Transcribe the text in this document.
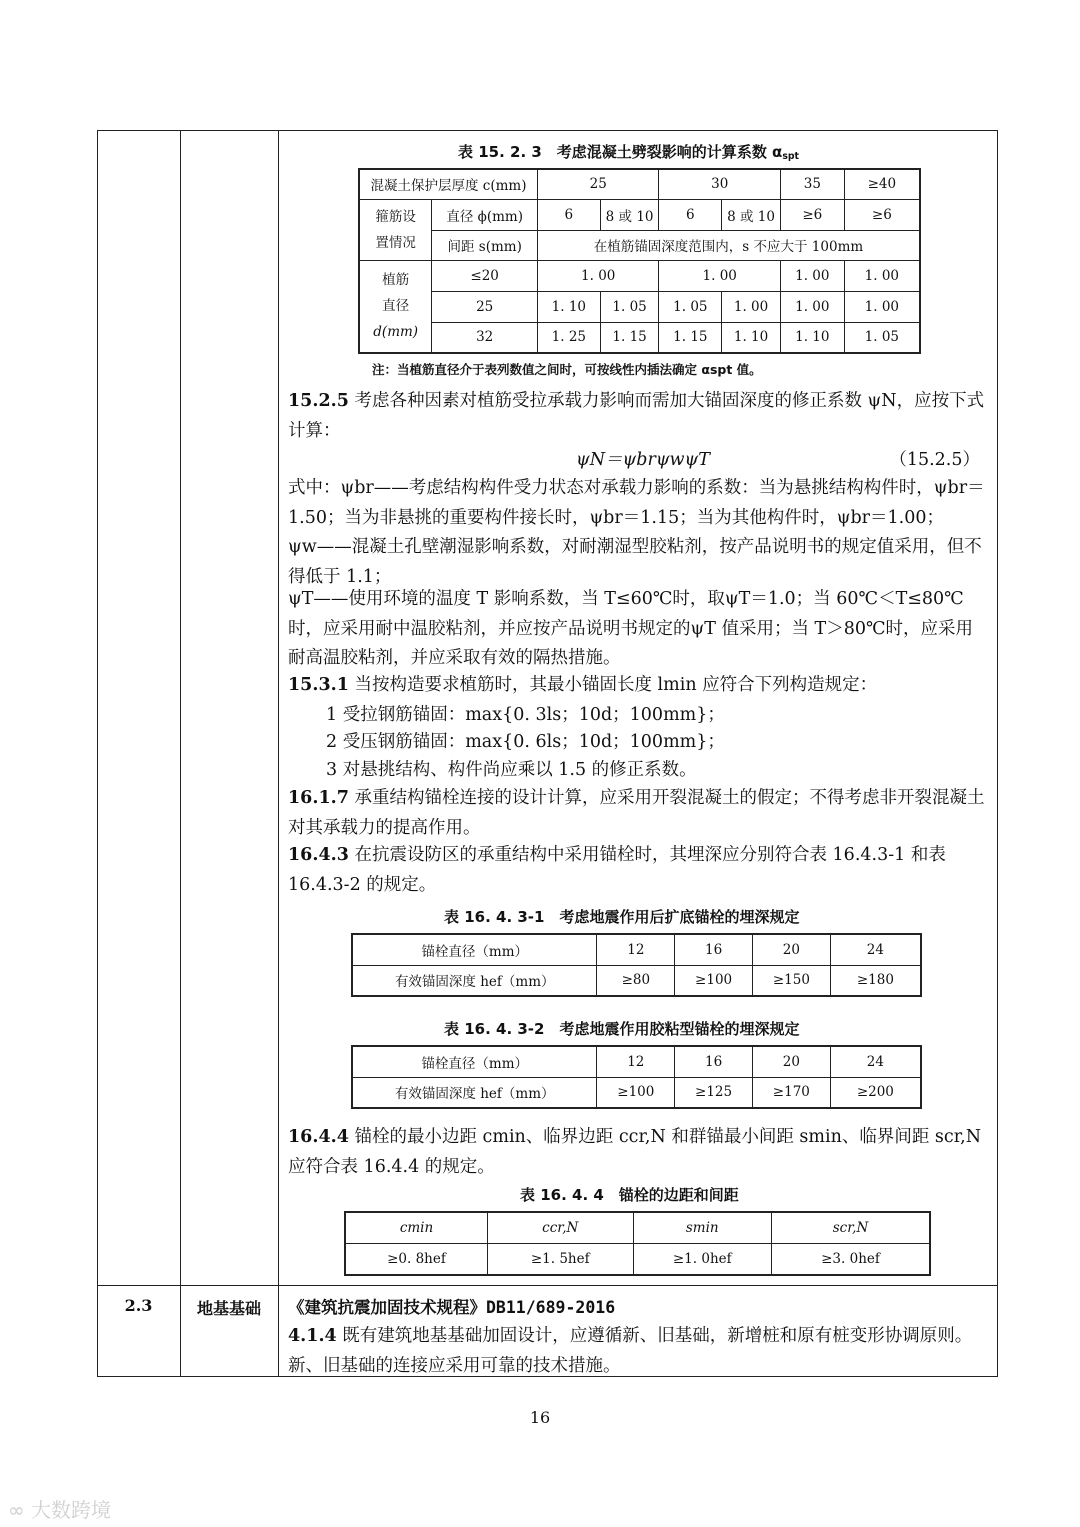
表 15. 2. 3　考虑混凝土劈裂影响的计算系数 αspt
混凝土保护层厚度 c(mm)		25		30		35	≥40
箍筋设
置情况	直径 ϕ(mm)	6	8 或 10	6	8 或 10	≥6	≥6
	间距 s(mm)	在植筋锚固深度范围内，s 不应大于 100mm					
植筋
直径
d(mm)	≤20	1. 00		1. 00		1. 00	1. 00
	25	1. 10	1. 05	1. 05	1. 00	1. 00	1. 00
	32	1. 25	1. 15	1. 15	1. 10	1. 10	1. 05
注：当植筋直径介于表列数值之间时，可按线性内插法确定 αspt 值。
15.2.5 考虑各种因素对植筋受拉承载力影响而需加大锚固深度的修正系数 ψN，应按下式计算：
ψN＝ψbrψwψT	（15.2.5）
式中：ψbr——考虑结构构件受力状态对承载力影响的系数：当为悬挑结构构件时，ψbr＝1.50；当为非悬挑的重要构件接长时，ψbr＝1.15；当为其他构件时，ψbr＝1.00；
ψw——混凝土孔壁潮湿影响系数，对耐潮湿型胶粘剂，按产品说明书的规定值采用，但不得低于 1.1；
ψT——使用环境的温度 T 影响系数，当 T≤60℃时，取ψT＝1.0；当 60℃＜T≤80℃时，应采用耐中温胶粘剂，并应按产品说明书规定的ψT 值采用；当 T＞80℃时，应采用耐高温胶粘剂，并应采取有效的隔热措施。
15.3.1 当按构造要求植筋时，其最小锚固长度 lmin 应符合下列构造规定：
1 受拉钢筋锚固：max{0. 3ls；10d；100mm}；
2 受压钢筋锚固：max{0. 6ls；10d；100mm}；
3 对悬挑结构、构件尚应乘以 1.5 的修正系数。
16.1.7 承重结构锚栓连接的设计计算，应采用开裂混凝土的假定；不得考虑非开裂混凝土对其承载力的提高作用。
16.4.3 在抗震设防区的承重结构中采用锚栓时，其埋深应分别符合表 16.4.3-1 和表 16.4.3-2 的规定。
表 16. 4. 3-1　考虑地震作用后扩底锚栓的埋深规定
锚栓直径（mm）	12	16	20	24
有效锚固深度 hef（mm）	≥80	≥100	≥150	≥180
表 16. 4. 3-2　考虑地震作用胶粘型锚栓的埋深规定
锚栓直径（mm）	12	16	20	24
有效锚固深度 hef（mm）	≥100	≥125	≥170	≥200
16.4.4 锚栓的最小边距 cmin、临界边距 ccr,N 和群锚最小间距 smin、临界间距 scr,N 应符合表 16.4.4 的规定。
表 16. 4. 4　锚栓的边距和间距
cmin	ccr,N	smin	scr,N
≥0. 8hef	≥1. 5hef	≥1. 0hef	≥3. 0hef
2.3	地基基础	《建筑抗震加固技术规程》DB11/689-2016
4.1.4 既有建筑地基基础加固设计，应遵循新、旧基础，新增桩和原有桩变形协调原则。新、旧基础的连接应采用可靠的技术措施。
16
∞ 大数跨境
